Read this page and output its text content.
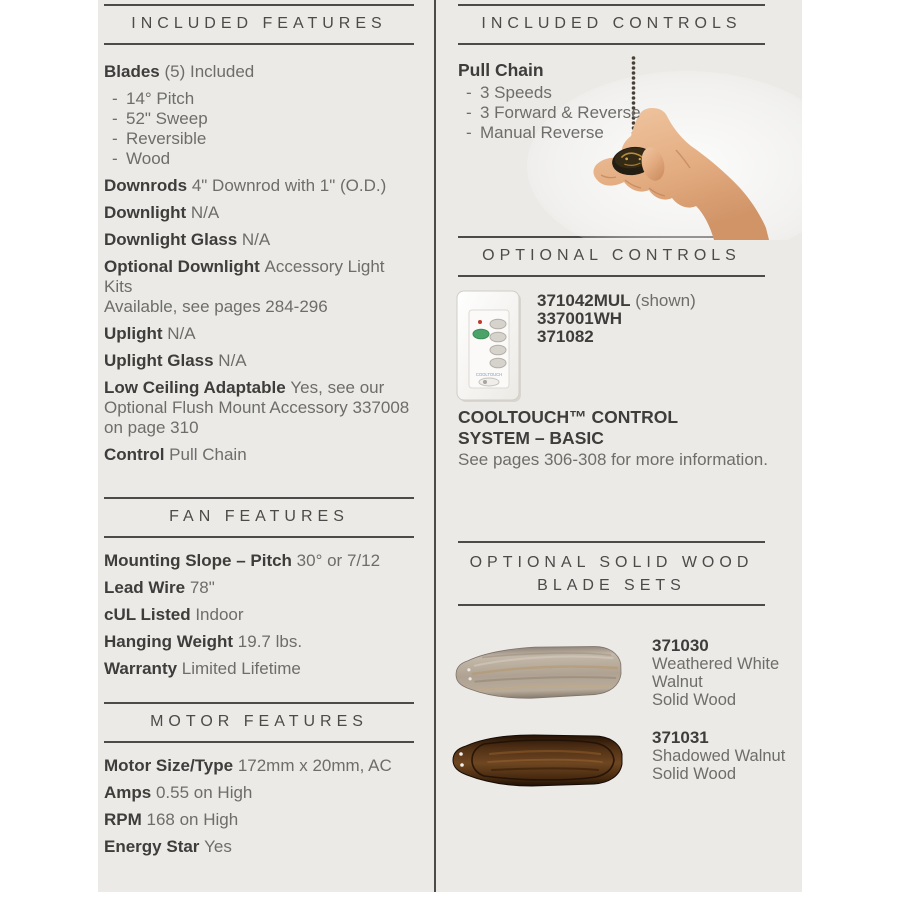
INCLUDED FEATURES

Blades (5) Included

- 14° Pitch
- 52" Sweep
- Reversible
- Wood

Downrods 4" Downrod with 1" (O.D.)

Downlight N/A

Downlight Glass N/A

Optional Downlight Accessory Light Kits
Available, see pages 284-296

Uplight N/A

Uplight Glass N/A

Low Ceiling Adaptable Yes, see our
Optional Flush Mount Accessory 337008
on page 310

Control Pull Chain

FAN FEATURES

Mounting Slope – Pitch 30° or 7/12

Lead Wire 78"

cUL Listed Indoor

Hanging Weight 19.7 lbs.

Warranty Limited Lifetime

MOTOR FEATURES

Motor Size/Type 172mm x 20mm, AC

Amps 0.55 on High

RPM 168 on High

Energy Star Yes

INCLUDED CONTROLS

Pull Chain

- 3 Speeds
- 3 Forward & Reverse
- Manual Reverse
OPTIONAL CONTROLS
COOLTOUCH

371042MUL (shown)

337001WH

371082

COOLTOUCH™ CONTROL

SYSTEM – BASIC

See pages 306-308 for more information.

OPTIONAL SOLID WOOD
BLADE SETS

371030

Weathered White

Walnut

Solid Wood

371031

Shadowed Walnut

Solid Wood
